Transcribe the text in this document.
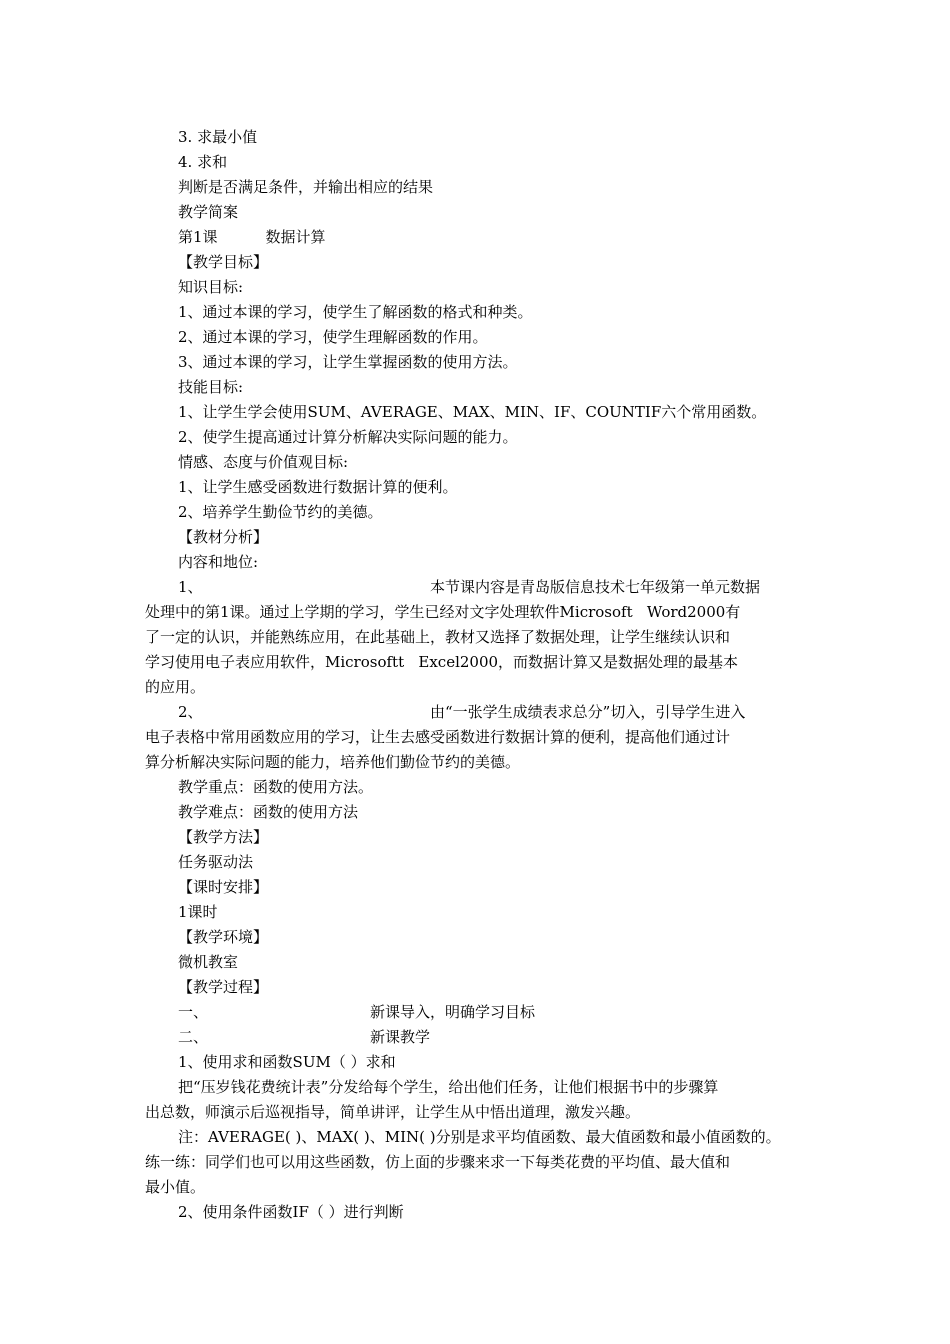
3. 求最小值
4. 求和
判断是否满足条件，并输出相应的结果
教学简案
第1课	数据计算
【教学目标】
知识目标:
1、通过本课的学习，使学生了解函数的格式和种类。
2、通过本课的学习，使学生理解函数的作用。
3、通过本课的学习，让学生掌握函数的使用方法。
技能目标:
1、让学生学会使用SUM、AVERAGE、MAX、MIN、IF、COUNTIF六个常用函数。
2、使学生提高通过计算分析解决实际问题的能力。
情感、态度与价值观目标:
1、让学生感受函数进行数据计算的便利。
2、培养学生勤俭节约的美德。
【教材分析】
内容和地位:
1、	本节课内容是青岛版信息技术七年级第一单元数据
处理中的第1课。通过上学期的学习，学生已经对文字处理软件Microsoft   Word2000有
了一定的认识，并能熟练应用，在此基础上，教材又选择了数据处理，让学生继续认识和
学习使用电子表应用软件，Microsoftt   Excel2000，而数据计算又是数据处理的最基本
的应用。
2、	由“一张学生成绩表求总分”切入，引导学生进入
电子表格中常用函数应用的学习，让生去感受函数进行数据计算的便利，提高他们通过计
算分析解决实际问题的能力，培养他们勤俭节约的美德。
教学重点：函数的使用方法。
教学难点：函数的使用方法
【教学方法】
任务驱动法
【课时安排】
1课时
【教学环境】
微机教室
【教学过程】
一、	新课导入，明确学习目标
二、	新课教学
1、使用求和函数SUM（ ）求和
把“压岁钱花费统计表”分发给每个学生，给出他们任务，让他们根据书中的步骤算
出总数，师演示后巡视指导，简单讲评，让学生从中悟出道理，激发兴趣。
注：AVERAGE( )、MAX( )、MIN( )分别是求平均值函数、最大值函数和最小值函数的。
练一练：同学们也可以用这些函数，仿上面的步骤来求一下每类花费的平均值、最大值和
最小值。
2、使用条件函数IF（ ）进行判断
